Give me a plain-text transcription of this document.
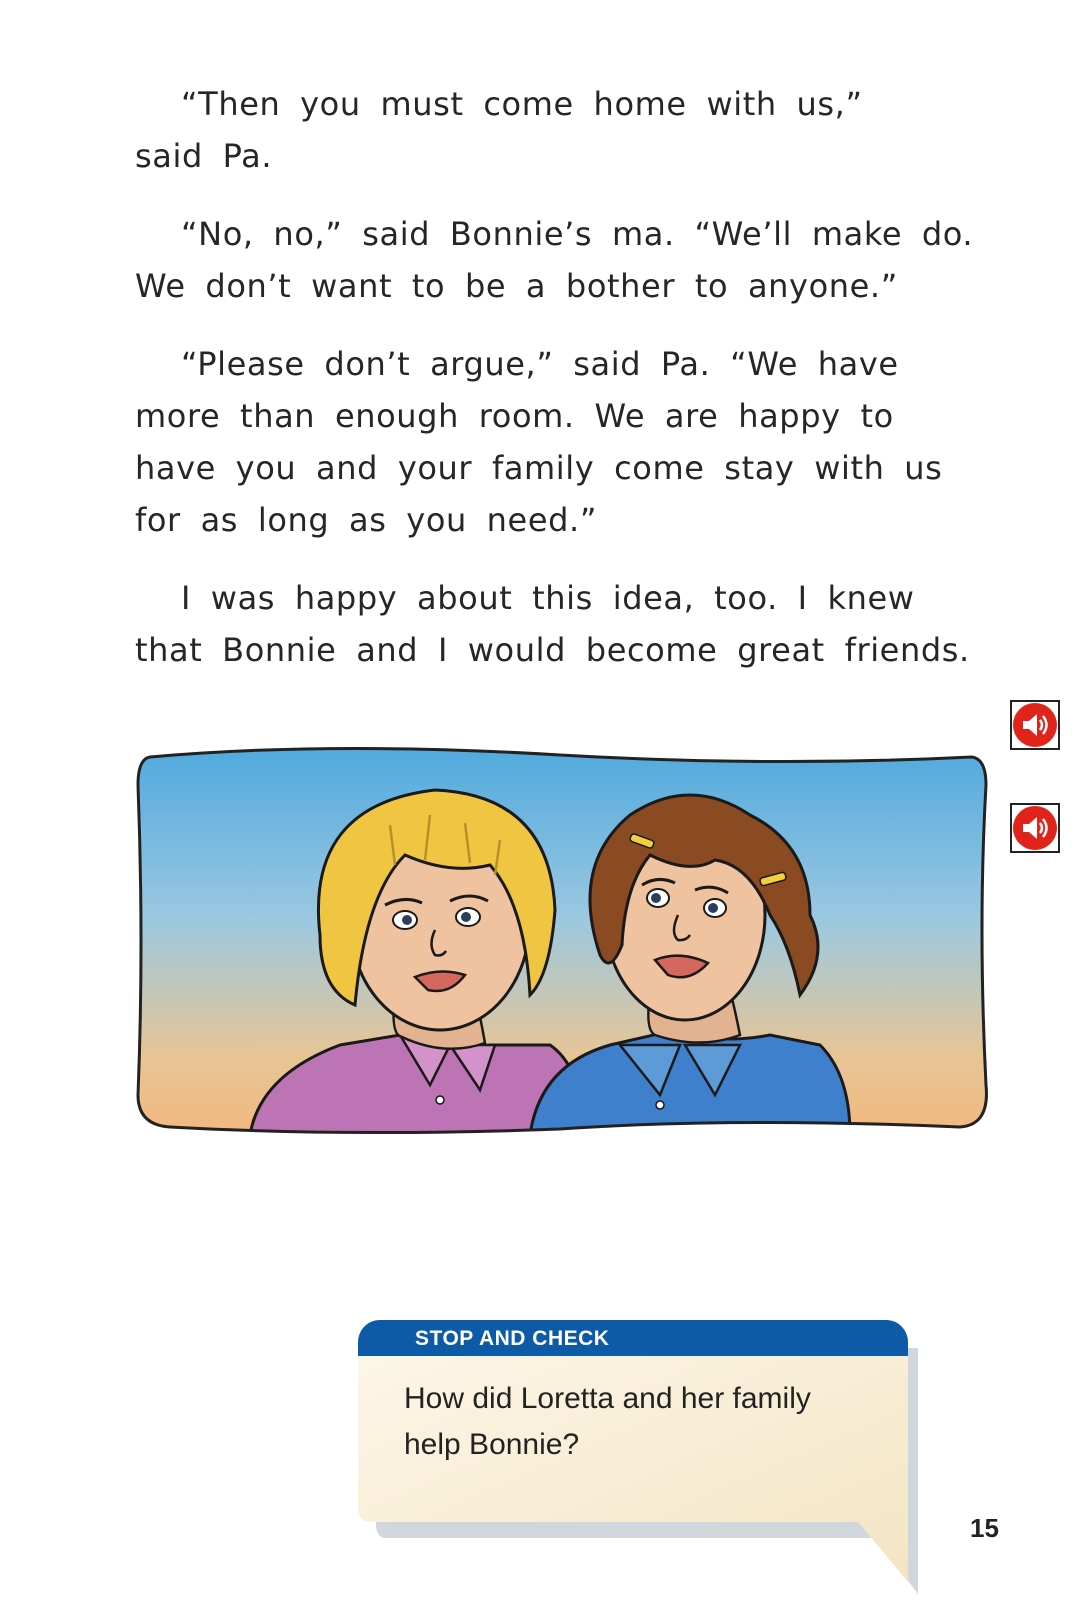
“Then you must come home with us,”
said Pa.

“No, no,” said Bonnie’s ma. “We’ll make do.
We don’t want to be a bother to anyone.”

“Please don’t argue,” said Pa. “We have
more than enough room. We are happy to
have you and your family come stay with us
for as long as you need.”

I was happy about this idea, too. I knew
that Bonnie and I would become great friends.

STOP AND CHECK
How did Loretta and her family
help Bonnie?
15
